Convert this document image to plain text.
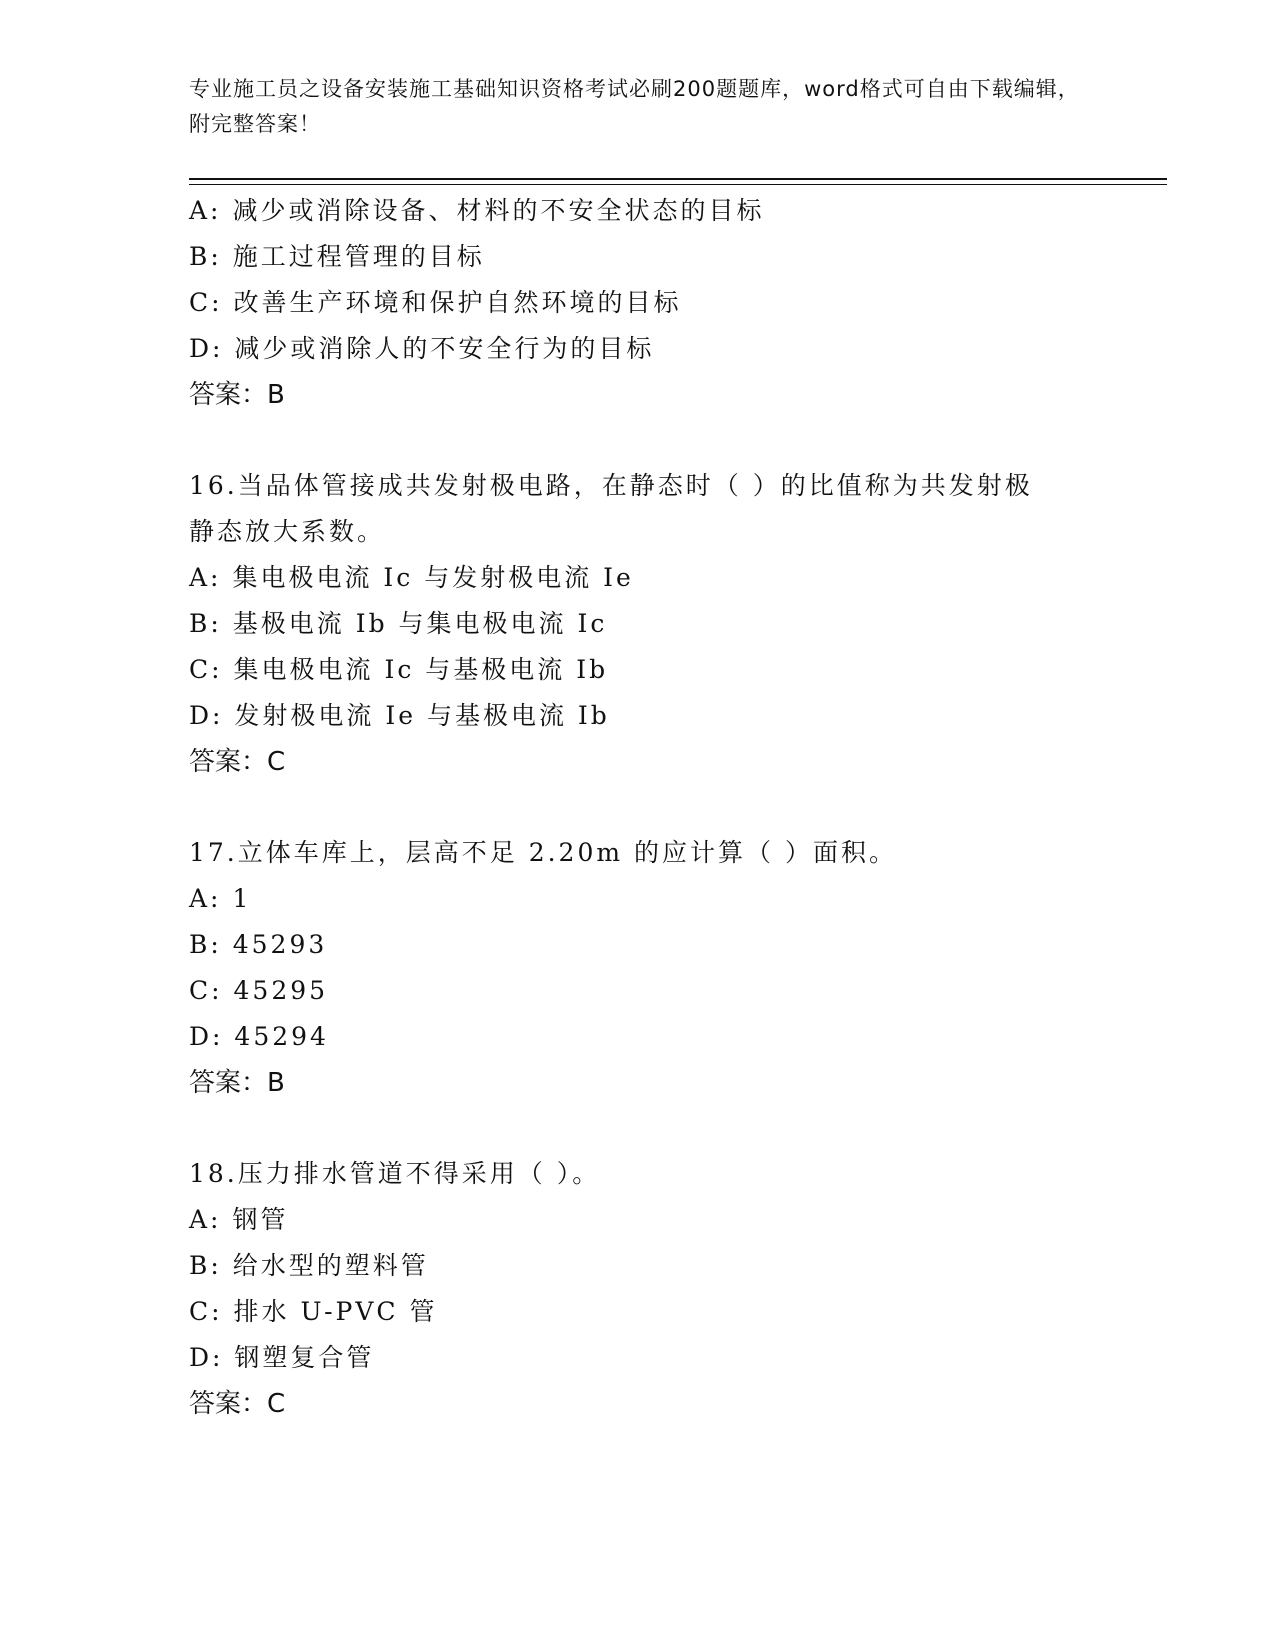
专业施工员之设备安装施工基础知识资格考试必刷200题题库，word格式可自由下载编辑，附完整答案！
A: 减少或消除设备、材料的不安全状态的目标
B: 施工过程管理的目标
C: 改善生产环境和保护自然环境的目标
D: 减少或消除人的不安全行为的目标
答案：B
16.当品体管接成共发射极电路，在静态时（ ）的比值称为共发射极
静态放大系数。
A: 集电极电流 Ic 与发射极电流 Ie
B: 基极电流 Ib 与集电极电流 Ic
C: 集电极电流 Ic 与基极电流 Ib
D: 发射极电流 Ie 与基极电流 Ib
答案：C
17.立体车库上，层高不足 2.20m 的应计算（ ）面积。
A: 1
B: 45293
C: 45295
D: 45294
答案：B
18.压力排水管道不得采用（ ）。
A: 钢管
B: 给水型的塑料管
C: 排水 U-PVC 管
D: 钢塑复合管
答案：C
